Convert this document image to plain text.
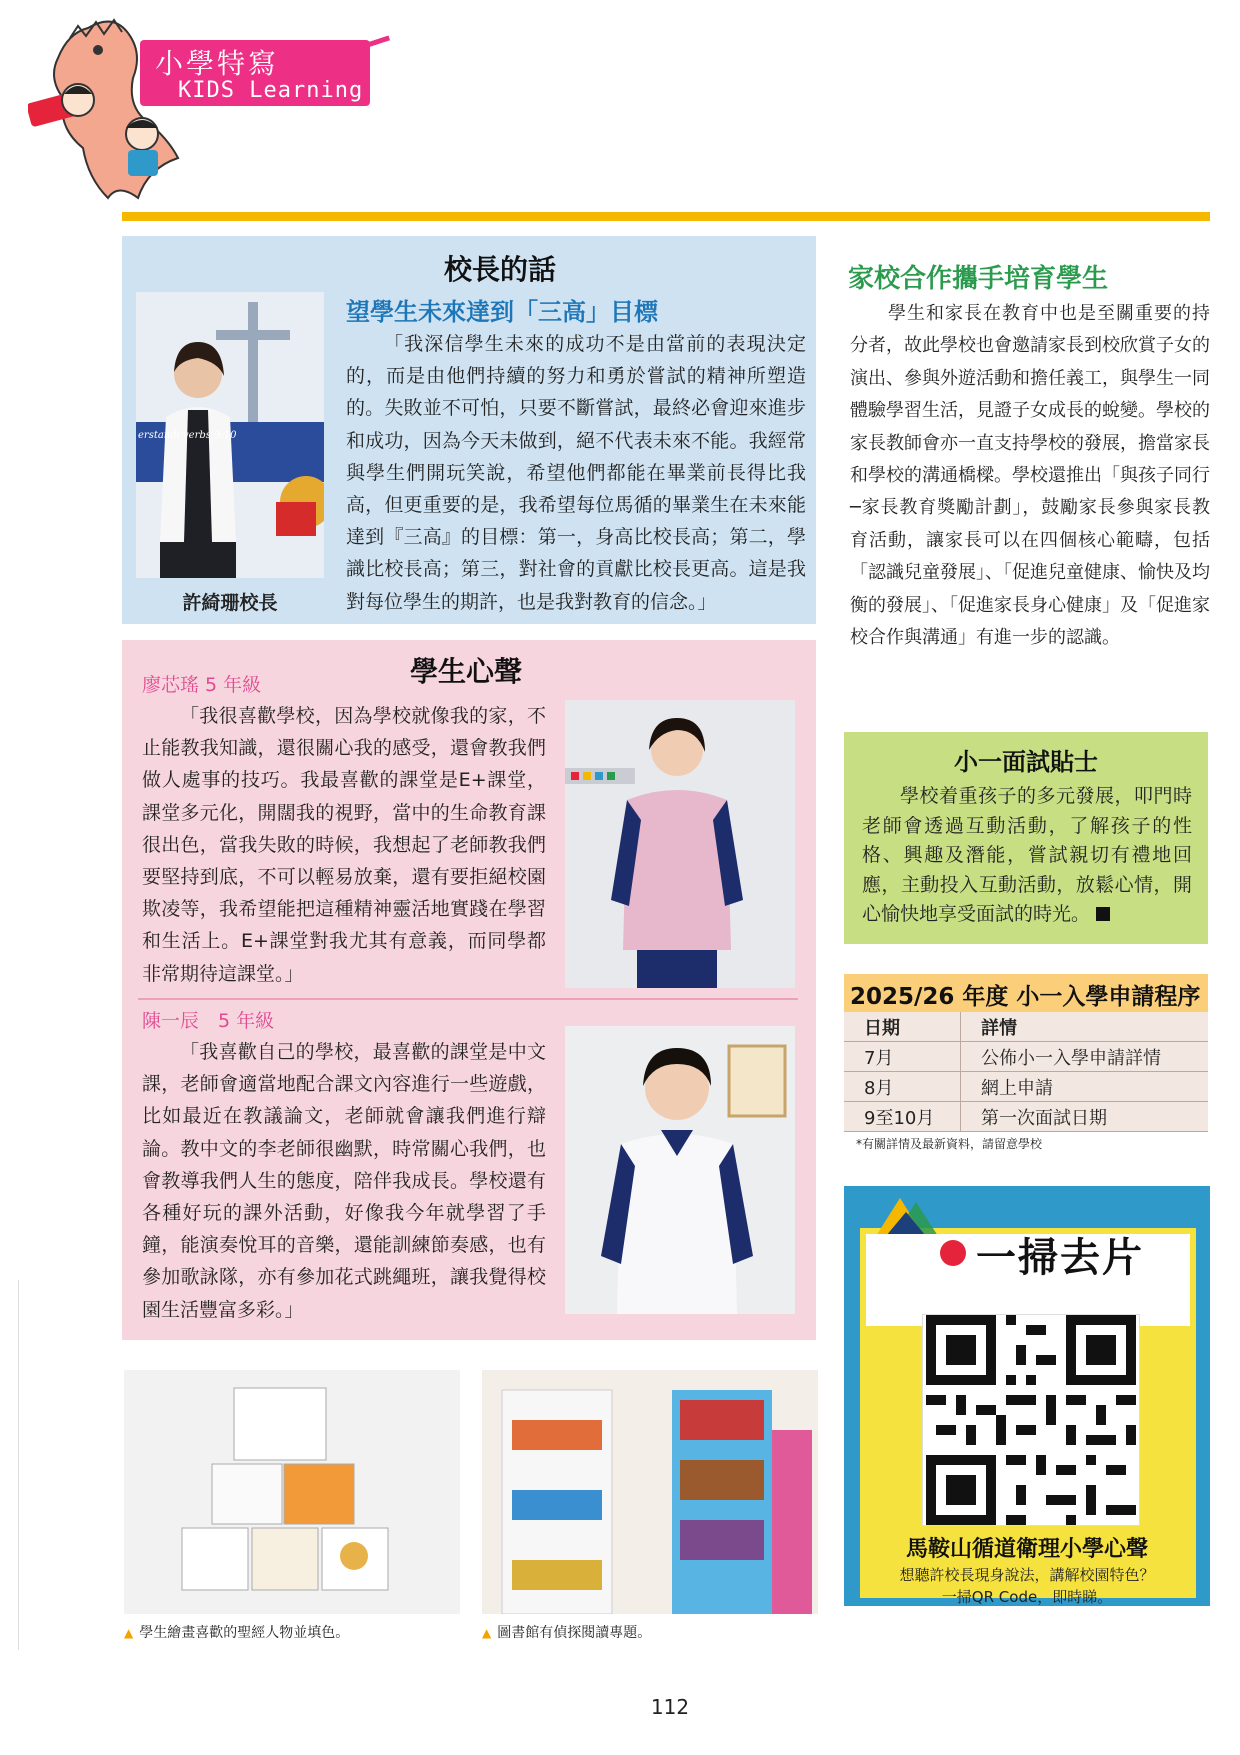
小學特寫
KIDS Learning
校長的話
望學生未來達到「三高」目標
erstandi verbs 9:10
許綺珊校長
「我深信學生未來的成功不是由當前的表現決定的，而是由他們持續的努力和勇於嘗試的精神所塑造的。失敗並不可怕，只要不斷嘗試，最終必會迎來進步和成功，因為今天未做到，絕不代表未來不能。我經常與學生們開玩笑說，希望他們都能在畢業前長得比我高，但更重要的是，我希望每位馬循的畢業生在未來能達到『三高』的目標：第一，身高比校長高；第二，學識比校長高；第三，對社會的貢獻比校長更高。這是我對每位學生的期許，也是我對教育的信念。」
學生心聲
廖芯瑤 5 年級
「我很喜歡學校，因為學校就像我的家，不止能教我知識，還很關心我的感受，還會教我們做人處事的技巧。我最喜歡的課堂是E+課堂，課堂多元化，開闊我的視野，當中的生命教育課很出色，當我失敗的時候，我想起了老師教我們要堅持到底，不可以輕易放棄，還有要拒絕校園欺凌等，我希望能把這種精神靈活地實踐在學習和生活上。E+課堂對我尤其有意義，而同學都非常期待這課堂。」
陳一辰　5 年級
「我喜歡自己的學校，最喜歡的課堂是中文課，老師會適當地配合課文內容進行一些遊戲，比如最近在教議論文，老師就會讓我們進行辯論。教中文的李老師很幽默，時常關心我們，也會教導我們人生的態度，陪伴我成長。學校還有各種好玩的課外活動，好像我今年就學習了手鐘，能演奏悅耳的音樂，還能訓練節奏感，也有參加歌詠隊，亦有參加花式跳繩班，讓我覺得校園生活豐富多彩。」
▲ 學生繪畫喜歡的聖經人物並填色。	▲ 圖書館有偵探閱讀專題。
家校合作攜手培育學生
學生和家長在教育中也是至關重要的持分者，故此學校也會邀請家長到校欣賞子女的演出、參與外遊活動和擔任義工，與學生一同體驗學習生活，見證子女成長的蛻變。學校的家長教師會亦一直支持學校的發展，擔當家長和學校的溝通橋樑。學校還推出「與孩子同行─家長教育獎勵計劃」，鼓勵家長參與家長教育活動，讓家長可以在四個核心範疇，包括「認識兒童發展」、「促進兒童健康、愉快及均衡的發展」、「促進家長身心健康」及「促進家校合作與溝通」有進一步的認識。
小一面試貼士
學校着重孩子的多元發展，叩門時老師會透過互動活動，了解孩子的性格、興趣及潛能，嘗試親切有禮地回應，主動投入互動活動，放鬆心情，開心愉快地享受面試的時光。
2025/26 年度 小一入學申請程序
日期	詳情
7月	公佈小一入學申請詳情
8月	網上申請
9至10月	第一次面試日期
*有關詳情及最新資料，請留意學校
一掃去片
馬鞍山循道衛理小學心聲
想聽許校長現身說法，講解校園特色？
一掃QR Code，即時睇。
112
